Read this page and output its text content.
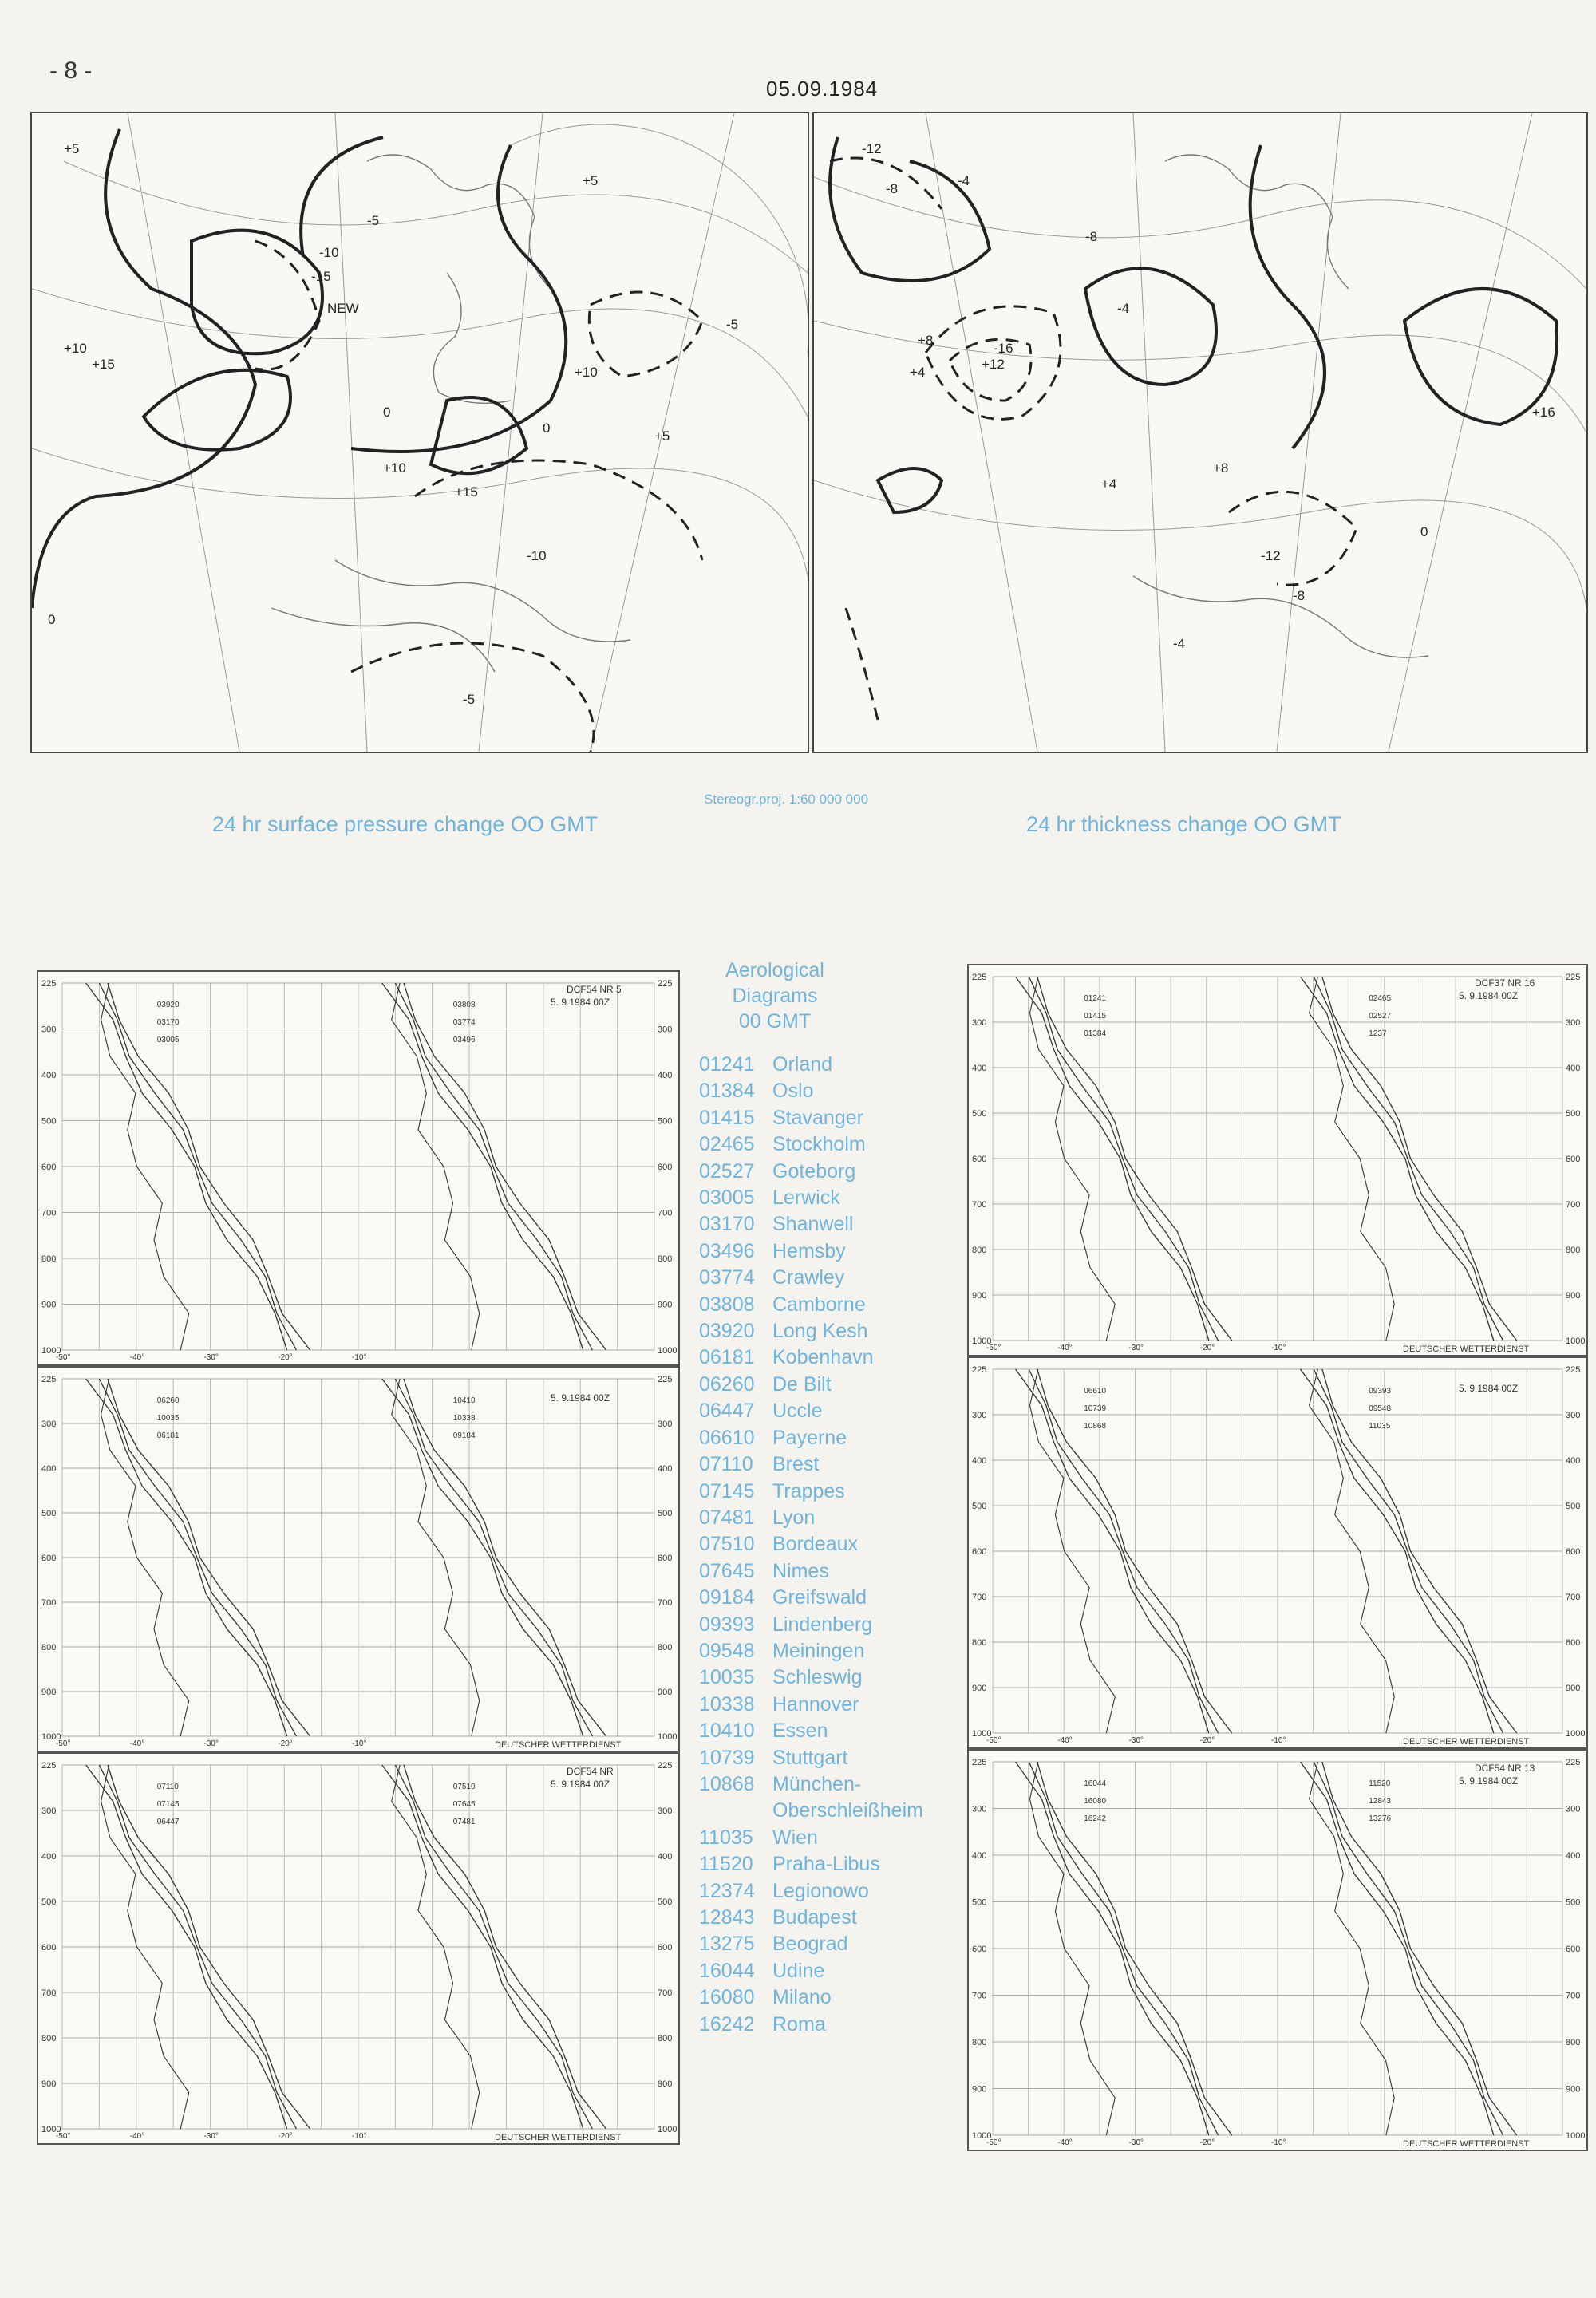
- 8 -
05.09.1984
+5
+10
+15
-5
-10
-15
0
NEW
+5
+10
+15
-5
-10
0
+5
+10
-5
0
-12
-8
-4
+4
+8
+12
+16
-16
-8
-4
+4
+8
-12
-8
-4
0
24 hr surface pressure change OO GMT
Stereogr.proj. 1:60 000 000
24 hr thickness change OO GMT
225	225
300	300
400	400
500	500
600	600
700	700
800	800
900	900
1000	1000
DCF54 NR 5
5. 9.1984 00Z
03920
03170
03005
03808
03774
03496
-50°	-40°	-30°	-20°	-10°
225	225
300	300
400	400
500	500
600	600
700	700
800	800
900	900
1000	1000
5. 9.1984 00Z
DEUTSCHER WETTERDIENST
06260
10035
06181
10410
10338
09184
-50°	-40°	-30°	-20°	-10°
225	225
300	300
400	400
500	500
600	600
700	700
800	800
900	900
1000	1000
DCF54 NR
5. 9.1984 00Z
DEUTSCHER WETTERDIENST
07110
07145
06447
07510
07645
07481
-50°	-40°	-30°	-20°	-10°
225	225
300	300
400	400
500	500
600	600
700	700
800	800
900	900
1000	1000
DCF37 NR 16
5. 9.1984 00Z
DEUTSCHER WETTERDIENST
01241
01415
01384
02465
02527
1237
-50°	-40°	-30°	-20°	-10°
225	225
300	300
400	400
500	500
600	600
700	700
800	800
900	900
1000	1000
5. 9.1984 00Z
DEUTSCHER WETTERDIENST
06610
10739
10868
09393
09548
11035
-50°	-40°	-30°	-20°	-10°
225	225
300	300
400	400
500	500
600	600
700	700
800	800
900	900
1000	1000
DCF54 NR 13
5. 9.1984 00Z
DEUTSCHER WETTERDIENST
16044
16080
16242
11520
12843
13276
-50°	-40°	-30°	-20°	-10°
Aerological
Diagrams
00 GMT
01241 Orland
01384 Oslo
01415 Stavanger
02465 Stockholm
02527 Goteborg
03005 Lerwick
03170 Shanwell
03496 Hemsby
03774 Crawley
03808 Camborne
03920 Long Kesh
06181 Kobenhavn
06260 De Bilt
06447 Uccle
06610 Payerne
07110 Brest
07145 Trappes
07481 Lyon
07510 Bordeaux
07645 Nimes
09184 Greifswald
09393 Lindenberg
09548 Meiningen
10035 Schleswig
10338 Hannover
10410 Essen
10739 Stuttgart
10868 München-
Oberschleißheim
11035 Wien
11520 Praha-Libus
12374 Legionowo
12843 Budapest
13275 Beograd
16044 Udine
16080 Milano
16242 Roma
